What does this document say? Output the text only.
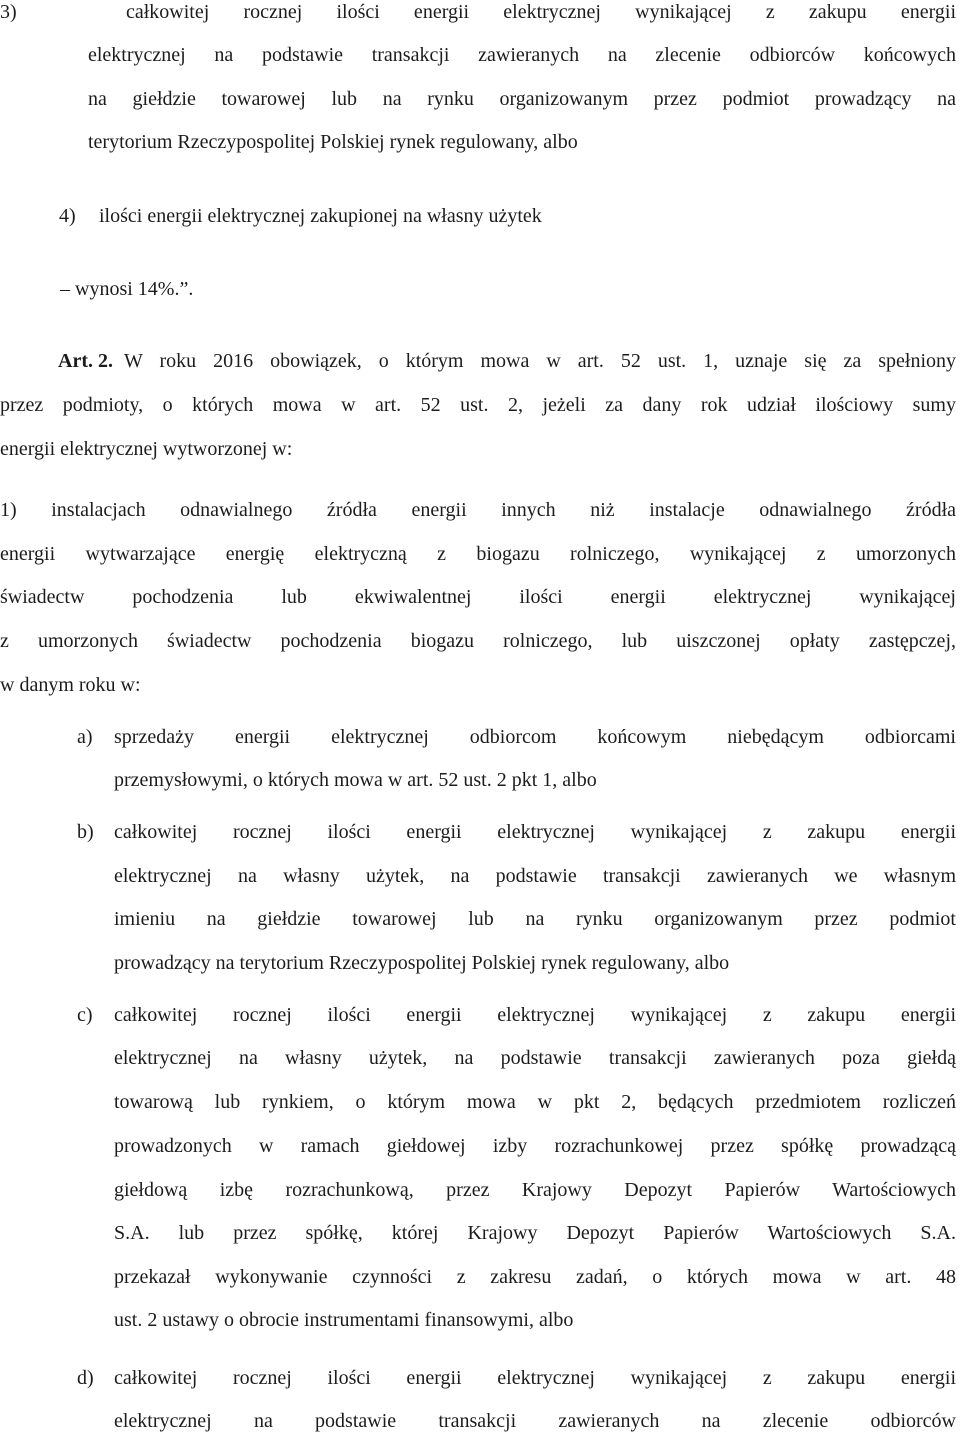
3)	całkowitej rocznej ilości energii elektrycznej wynikającej z zakupu energii
elektrycznej na podstawie transakcji zawieranych na zlecenie odbiorców końcowych
na giełdzie towarowej lub na rynku organizowanym przez podmiot prowadzący na
terytorium Rzeczypospolitej Polskiej rynek regulowany, albo
4) ilości energii elektrycznej zakupionej na własny użytek
– wynosi 14%.”.
Art. 2. W roku 2016 obowiązek, o którym mowa w art. 52 ust. 1, uznaje się za spełniony
przez podmioty, o których mowa w art. 52 ust. 2, jeżeli za dany rok udział ilościowy sumy
energii elektrycznej wytworzonej w:
1) instalacjach odnawialnego źródła energii innych niż instalacje odnawialnego źródła
energii wytwarzające energię elektryczną z biogazu rolniczego, wynikającej z umorzonych
świadectw pochodzenia lub ekwiwalentnej ilości energii elektrycznej wynikającej
z umorzonych świadectw pochodzenia biogazu rolniczego, lub uiszczonej opłaty zastępczej,
w danym roku w:
a) sprzedaży energii elektrycznej odbiorcom końcowym niebędącym odbiorcami
przemysłowymi, o których mowa w art. 52 ust. 2 pkt 1, albo
b) całkowitej rocznej ilości energii elektrycznej wynikającej z zakupu energii
elektrycznej na własny użytek, na podstawie transakcji zawieranych we własnym
imieniu na giełdzie towarowej lub na rynku organizowanym przez podmiot
prowadzący na terytorium Rzeczypospolitej Polskiej rynek regulowany, albo
c) całkowitej rocznej ilości energii elektrycznej wynikającej z zakupu energii
elektrycznej na własny użytek, na podstawie transakcji zawieranych poza giełdą
towarową lub rynkiem, o którym mowa w pkt 2, będących przedmiotem rozliczeń
prowadzonych w ramach giełdowej izby rozrachunkowej przez spółkę prowadzącą
giełdową izbę rozrachunkową, przez Krajowy Depozyt Papierów Wartościowych
S.A. lub przez spółkę, której Krajowy Depozyt Papierów Wartościowych S.A.
przekazał wykonywanie czynności z zakresu zadań, o których mowa w art. 48
ust. 2 ustawy o obrocie instrumentami finansowymi, albo
d) całkowitej rocznej ilości energii elektrycznej wynikającej z zakupu energii
elektrycznej na podstawie transakcji zawieranych na zlecenie odbiorców
